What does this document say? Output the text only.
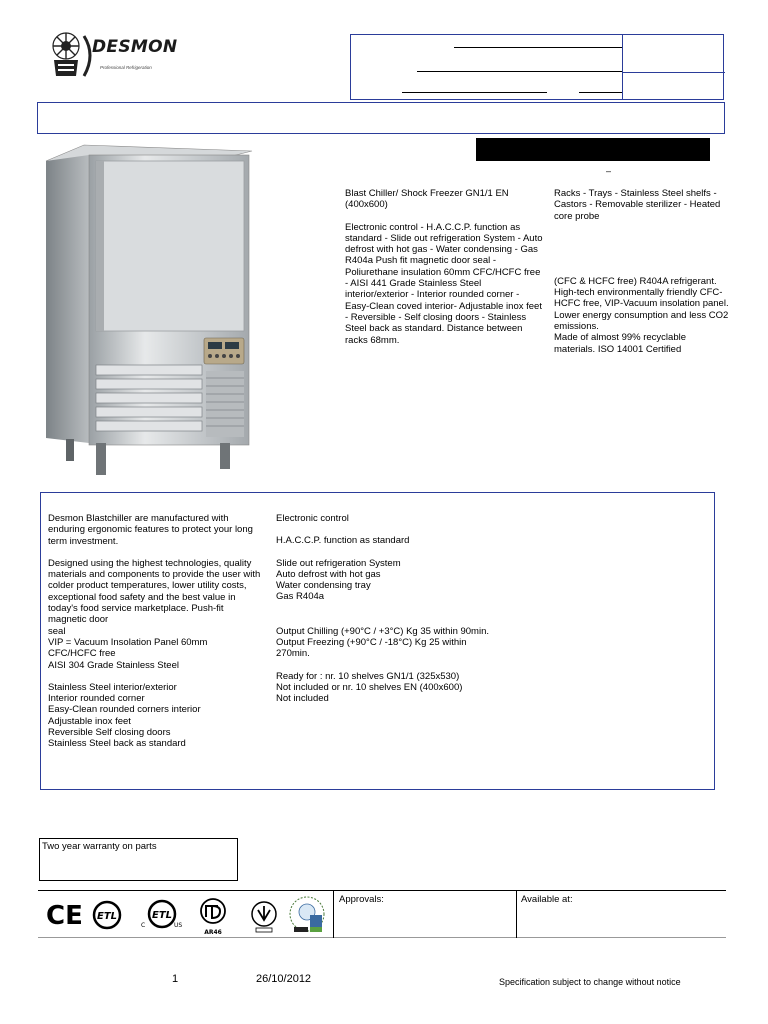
DESMON
Professional Refrigeration
–
Blast Chiller/ Shock Freezer GN1/1 EN (400x600)
Electronic control - H.A.C.C.P. function as standard - Slide out refrigeration System - Auto defrost with hot gas - Water condensing - Gas R404a Push fit magnetic door seal - Poliurethane insulation 60mm CFC/HCFC free - AISI 441 Grade Stainless Steel interior/exterior - Interior rounded corner - Easy-Clean coved interior- Adjustable inox feet - Reversible - Self closing doors - Stainless Steel back as standard. Distance between racks 68mm.
Racks - Trays - Stainless Steel shelfs - Castors - Removable sterilizer - Heated core probe
(CFC & HCFC free) R404A refrigerant.
High-tech environmentally friendly CFC-HCFC free, VIP-Vacuum insolation panel. Lower energy consumption and less CO2 emissions.
Made of almost 99% recyclable materials. ISO 14001 Certified
Desmon Blastchiller are manufactured with enduring ergonomic features to protect your long term investment.
Designed using the highest technologies, quality materials and components to provide the user with colder product temperatures, lower utility costs, exceptional food safety and the best value in today's food service marketplace. Push-fit magnetic door
seal
VIP = Vacuum Insolation Panel 60mm
CFC/HCFC free
AISI 304 Grade Stainless Steel
Stainless Steel interior/exterior
Interior rounded corner
Easy-Clean rounded corners interior
Adjustable inox feet
Reversible Self closing doors
Stainless Steel back as standard
Electronic control
H.A.C.C.P. function as standard
Slide out refrigeration System
Auto defrost with hot gas
Water condensing tray
Gas R404a
Output Chilling (+90°C / +3°C) Kg 35 within 90min.
Output Freezing (+90°C / -18°C) Kg 25 within 270min.
Ready for : nr. 10 shelves GN1/1 (325x530)
Not included or nr. 10 shelves EN (400x600)
Not included
Two year warranty on parts
CE ETL	ETL
C	US
AR46
Approvals:	Available at:
1	26/10/2012	Specification subject to change without notice
